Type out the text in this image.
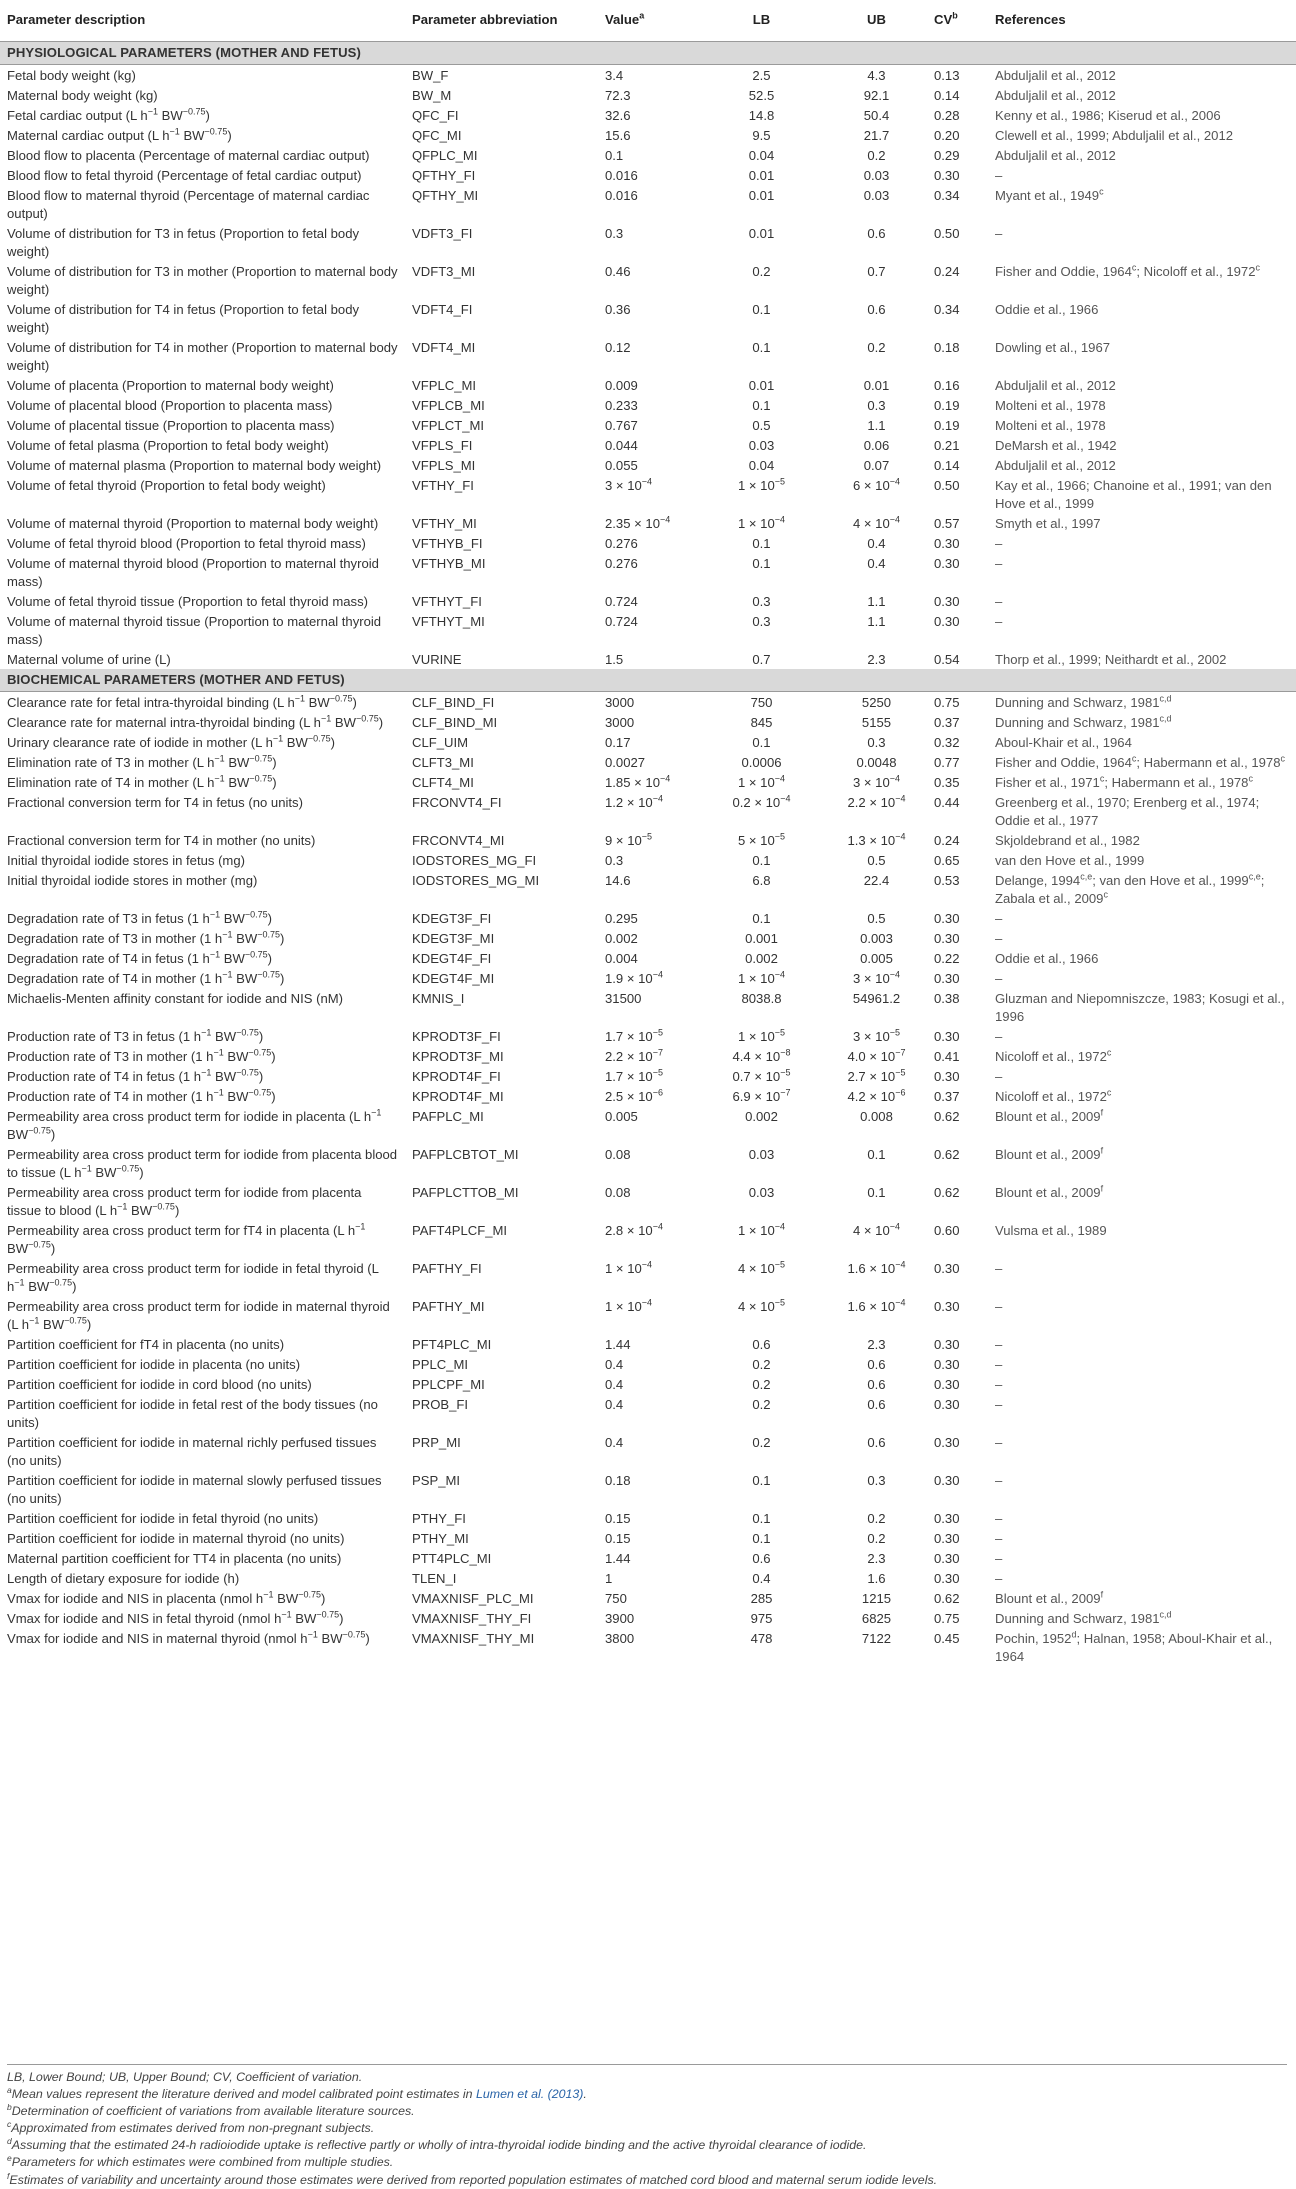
Parameter description	Parameter abbreviation	Value$^a$	LB	UB	$CV^b$	References
PHYSIOLOGICAL PARAMETERS (MOTHER AND FETUS)						
Fetal body weight (kg)	BW_F	3.4	2.5	4.3	0.13	Abduljalil et al., 2012
Maternal body weight (kg)	BW_M	72.3	52.5	92.1	0.14	Abduljalil et al., 2012
Fetal cardiac output (L $h^{-1}$ $BW^{-0.75}$)	QFC_FI	32.6	14.8	50.4	0.28	Kenny et al., 1986; Kiserud et al., 2006
Maternal cardiac output (L $h^{-1}$ $BW^{-0.75}$)	QFC_MI	15.6	9.5	21.7	0.20	Clewell et al., 1999; Abduljalil et al., 2012
Blood flow to placenta (Percentage of maternal cardiac output)	QFPLC_MI	0.1	0.04	0.2	0.29	Abduljalil et al., 2012
Blood flow to fetal thyroid (Percentage of fetal cardiac output)	QFTHY_FI	0.016	0.01	0.03	0.30	–
Blood flow to maternal thyroid (Percentage of maternal cardiac output)	QFTHY_MI	0.016	0.01	0.03	0.34	Myant et al., 1949$^c$
Volume of distribution for T3 in fetus (Proportion to fetal body weight)	VDFT3_FI	0.3	0.01	0.6	0.50	–
Volume of distribution for T3 in mother (Proportion to maternal body weight)	VDFT3_MI	0.46	0.2	0.7	0.24	Fisher and Oddie, 1964$^c$; Nicoloff et al., 1972$^c$
Volume of distribution for T4 in fetus (Proportion to fetal body weight)	VDFT4_FI	0.36	0.1	0.6	0.34	Oddie et al., 1966
Volume of distribution for T4 in mother (Proportion to maternal body weight)	VDFT4_MI	0.12	0.1	0.2	0.18	Dowling et al., 1967
Volume of placenta (Proportion to maternal body weight)	VFPLC_MI	0.009	0.01	0.01	0.16	Abduljalil et al., 2012
Volume of placental blood (Proportion to placenta mass)	VFPLCB_MI	0.233	0.1	0.3	0.19	Molteni et al., 1978
Volume of placental tissue (Proportion to placenta mass)	VFPLCT_MI	0.767	0.5	1.1	0.19	Molteni et al., 1978
Volume of fetal plasma (Proportion to fetal body weight)	VFPLS_FI	0.044	0.03	0.06	0.21	DeMarsh et al., 1942
Volume of maternal plasma (Proportion to maternal body weight)	VFPLS_MI	0.055	0.04	0.07	0.14	Abduljalil et al., 2012
Volume of fetal thyroid (Proportion to fetal body weight)	VFTHY_FI	$3 \times 10^{-4}$	$1 \times 10^{-5}$	$6 \times 10^{-4}$	0.50	Kay et al., 1966; Chanoine et al., 1991; van den Hove et al., 1999
Volume of maternal thyroid (Proportion to maternal body weight)	VFTHY_MI	$2.35 \times 10^{-4}$	$1 \times 10^{-4}$	$4 \times 10^{-4}$	0.57	Smyth et al., 1997
Volume of fetal thyroid blood (Proportion to fetal thyroid mass)	VFTHYB_FI	0.276	0.1	0.4	0.30	–
Volume of maternal thyroid blood (Proportion to maternal thyroid mass)	VFTHYB_MI	0.276	0.1	0.4	0.30	–
Volume of fetal thyroid tissue (Proportion to fetal thyroid mass)	VFTHYT_FI	0.724	0.3	1.1	0.30	–
Volume of maternal thyroid tissue (Proportion to maternal thyroid mass)	VFTHYT_MI	0.724	0.3	1.1	0.30	–
Maternal volume of urine (L)	VURINE	1.5	0.7	2.3	0.54	Thorp et al., 1999; Neithardt et al., 2002
BIOCHEMICAL PARAMETERS (MOTHER AND FETUS)						
Clearance rate for fetal intra-thyroidal binding (L $h^{-1}$ $BW^{-0.75}$)	CLF_BIND_FI	3000	750	5250	0.75	Dunning and Schwarz, 1981$^{c,d}$
Clearance rate for maternal intra-thyroidal binding (L $h^{-1}$ $BW^{-0.75}$)	CLF_BIND_MI	3000	845	5155	0.37	Dunning and Schwarz, 1981$^{c,d}$
Urinary clearance rate of iodide in mother (L $h^{-1}$ $BW^{-0.75}$)	CLF_UIM	0.17	0.1	0.3	0.32	Aboul-Khair et al., 1964
Elimination rate of T3 in mother (L $h^{-1}$ $BW^{-0.75}$)	CLFT3_MI	0.0027	0.0006	0.0048	0.77	Fisher and Oddie, 1964$^c$; Habermann et al., 1978$^c$
Elimination rate of T4 in mother (L $h^{-1}$ $BW^{-0.75}$)	CLFT4_MI	$1.85 \times 10^{-4}$	$1 \times 10^{-4}$	$3 \times 10^{-4}$	0.35	Fisher et al., 1971$^c$; Habermann et al., 1978$^c$
Fractional conversion term for T4 in fetus (no units)	FRCONVT4_FI	$1.2 \times 10^{-4}$	$0.2 \times 10^{-4}$	$2.2 \times 10^{-4}$	0.44	Greenberg et al., 1970; Erenberg et al., 1974; Oddie et al., 1977
Fractional conversion term for T4 in mother (no units)	FRCONVT4_MI	$9 \times 10^{-5}$	$5 \times 10^{-5}$	$1.3 \times 10^{-4}$	0.24	Skjoldebrand et al., 1982
Initial thyroidal iodide stores in fetus (mg)	IODSTORES_MG_FI	0.3	0.1	0.5	0.65	van den Hove et al., 1999
Initial thyroidal iodide stores in mother (mg)	IODSTORES_MG_MI	14.6	6.8	22.4	0.53	Delange, 1994$^{c,e}$; van den Hove et al., 1999$^{c,e}$; Zabala et al., 2009$^c$
Degradation rate of T3 in fetus (1 $h^{-1}$ $BW^{-0.75}$)	KDEGT3F_FI	0.295	0.1	0.5	0.30	–
Degradation rate of T3 in mother (1 $h^{-1}$ $BW^{-0.75}$)	KDEGT3F_MI	0.002	0.001	0.003	0.30	–
Degradation rate of T4 in fetus (1 $h^{-1}$ $BW^{-0.75}$)	KDEGT4F_FI	0.004	0.002	0.005	0.22	Oddie et al., 1966
Degradation rate of T4 in mother (1 $h^{-1}$ $BW^{-0.75}$)	KDEGT4F_MI	$1.9 \times 10^{-4}$	$1 \times 10^{-4}$	$3 \times 10^{-4}$	0.30	–
Michaelis-Menten affinity constant for iodide and NIS (nM)	KMNIS_I	31500	8038.8	54961.2	0.38	Gluzman and Niepomniszcze, 1983; Kosugi et al., 1996
Production rate of T3 in fetus (1 $h^{-1}$ $BW^{-0.75}$)	KPRODT3F_FI	$1.7 \times 10^{-5}$	$1 \times 10^{-5}$	$3 \times 10^{-5}$	0.30	–
Production rate of T3 in mother (1 $h^{-1}$ $BW^{-0.75}$)	KPRODT3F_MI	$2.2 \times 10^{-7}$	$4.4 \times 10^{-8}$	$4.0 \times 10^{-7}$	0.41	Nicoloff et al., 1972$^c$
Production rate of T4 in fetus (1 $h^{-1}$ $BW^{-0.75}$)	KPRODT4F_FI	$1.7 \times 10^{-5}$	$0.7 \times 10^{-5}$	$2.7 \times 10^{-5}$	0.30	–
Production rate of T4 in mother (1 $h^{-1}$ $BW^{-0.75}$)	KPRODT4F_MI	$2.5 \times 10^{-6}$	$6.9 \times 10^{-7}$	$4.2 \times 10^{-6}$	0.37	Nicoloff et al., 1972$^c$
Permeability area cross product term for iodide in placenta (L $h^{-1}$ $BW^{-0.75}$)	PAFPLC_MI	0.005	0.002	0.008	0.62	Blount et al., 2009$^f$
Permeability area cross product term for iodide from placenta blood to tissue (L $h^{-1}$ $BW^{-0.75}$)	PAFPLCBTOT_MI	0.08	0.03	0.1	0.62	Blount et al., 2009$^f$
Permeability area cross product term for iodide from placenta tissue to blood (L $h^{-1}$ $BW^{-0.75}$)	PAFPLCTTOB_MI	0.08	0.03	0.1	0.62	Blount et al., 2009$^f$
Permeability area cross product term for fT4 in placenta (L $h^{-1}$ $BW^{-0.75}$)	PAFT4PLCF_MI	$2.8 \times 10^{-4}$	$1 \times 10^{-4}$	$4 \times 10^{-4}$	0.60	Vulsma et al., 1989
Permeability area cross product term for iodide in fetal thyroid (L $h^{-1}$ $BW^{-0.75}$)	PAFTHY_FI	$1 \times 10^{-4}$	$4 \times 10^{-5}$	$1.6 \times 10^{-4}$	0.30	–
Permeability area cross product term for iodide in maternal thyroid (L $h^{-1}$ $BW^{-0.75}$)	PAFTHY_MI	$1 \times 10^{-4}$	$4 \times 10^{-5}$	$1.6 \times 10^{-4}$	0.30	–
Partition coefficient for fT4 in placenta (no units)	PFT4PLC_MI	1.44	0.6	2.3	0.30	–
Partition coefficient for iodide in placenta (no units)	PPLC_MI	0.4	0.2	0.6	0.30	–
Partition coefficient for iodide in cord blood (no units)	PPLCPF_MI	0.4	0.2	0.6	0.30	–
Partition coefficient for iodide in fetal rest of the body tissues (no units)	PROB_FI	0.4	0.2	0.6	0.30	–
Partition coefficient for iodide in maternal richly perfused tissues (no units)	PRP_MI	0.4	0.2	0.6	0.30	–
Partition coefficient for iodide in maternal slowly perfused tissues (no units)	PSP_MI	0.18	0.1	0.3	0.30	–
Partition coefficient for iodide in fetal thyroid (no units)	PTHY_FI	0.15	0.1	0.2	0.30	–
Partition coefficient for iodide in maternal thyroid (no units)	PTHY_MI	0.15	0.1	0.2	0.30	–
Maternal partition coefficient for TT4 in placenta (no units)	PTT4PLC_MI	1.44	0.6	2.3	0.30	–
Length of dietary exposure for iodide (h)	TLEN_I	1	0.4	1.6	0.30	–
Vmax for iodide and NIS in placenta (nmol $h^{-1}$ $BW^{-0.75}$)	VMAXNISF_PLC_MI	750	285	1215	0.62	Blount et al., 2009$^f$
Vmax for iodide and NIS in fetal thyroid (nmol $h^{-1}$ $BW^{-0.75}$)	VMAXNISF_THY_FI	3900	975	6825	0.75	Dunning and Schwarz, 1981$^{c,d}$
Vmax for iodide and NIS in maternal thyroid (nmol $h^{-1}$ $BW^{-0.75}$)	VMAXNISF_THY_MI	3800	478	7122	0.45	Pochin, 1952$^d$; Halnan, 1958; Aboul-Khair et al., 1964
LB, Lower Bound; UB, Upper Bound; CV, Coefficient of variation.
$^a$Mean values represent the literature derived and model calibrated point estimates in Lumen et al. (2013).
$^b$Determination of coefficient of variations from available literature sources.
$^c$Approximated from estimates derived from non-pregnant subjects.
$^d$Assuming that the estimated 24-h radioiodide uptake is reflective partly or wholly of intra-thyroidal iodide binding and the active thyroidal clearance of iodide.
$^e$Parameters for which estimates were combined from multiple studies.
$^f$Estimates of variability and uncertainty around those estimates were derived from reported population estimates of matched cord blood and maternal serum iodide levels.
